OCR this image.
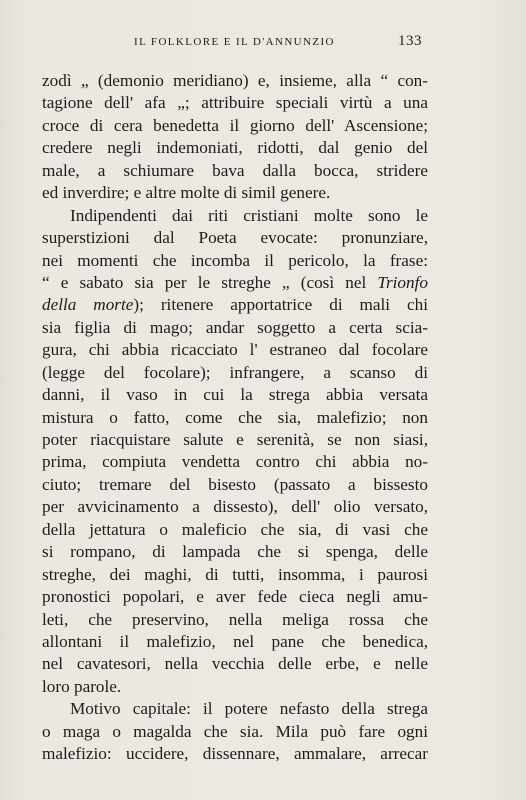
IL FOLKLORE E IL D'ANNUNZIO	133
zodì „ (demonio meridiano) e, insieme, alla “ con-
tagione dell' afa „; attribuire speciali virtù a una
croce di cera benedetta il giorno dell' Ascensione;
credere negli indemoniati, ridotti, dal genio del
male, a schiumare bava dalla bocca, stridere
ed inverdire; e altre molte di simil genere.
Indipendenti dai riti cristiani molte sono le
superstizioni dal Poeta evocate: pronunziare,
nei momenti che incomba il pericolo, la frase:
“ e sabato sia per le streghe „ (così nel Trionfo
della morte); ritenere apportatrice di mali chi
sia figlia di mago; andar soggetto a certa scia-
gura, chi abbia ricacciato l' estraneo dal focolare
(legge del focolare); infrangere, a scanso di
danni, il vaso in cui la strega abbia versata
mistura o fatto, come che sia, malefizio; non
poter riacquistare salute e serenità, se non siasi,
prima, compiuta vendetta contro chi abbia no-
ciuto; tremare del bisesto (passato a bissesto
per avvicinamento a dissesto), dell' olio versato,
della jettatura o maleficio che sia, di vasi che
si rompano, di lampada che si spenga, delle
streghe, dei maghi, di tutti, insomma, i paurosi
pronostici popolari, e aver fede cieca negli amu-
leti, che preservino, nella meliga rossa che
allontani il malefizio, nel pane che benedica,
nel cavatesori, nella vecchia delle erbe, e nelle
loro parole.
Motivo capitale: il potere nefasto della strega
o maga o magalda che sia. Mila può fare ogni
malefizio: uccidere, dissennare, ammalare, arrecar
